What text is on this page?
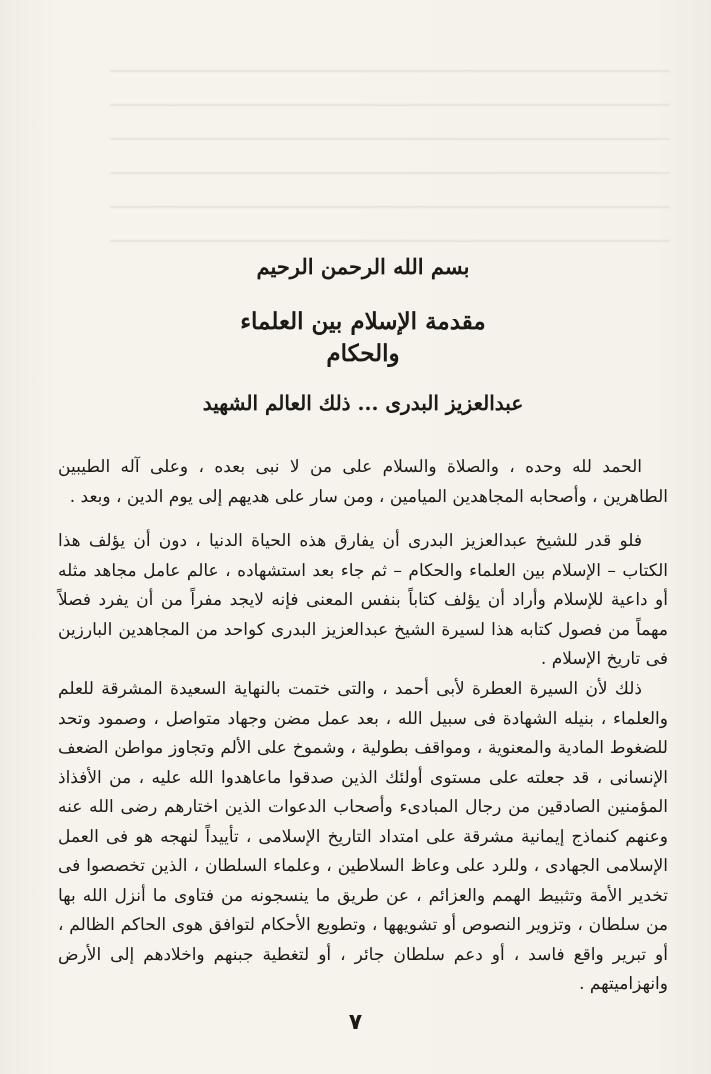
بسم الله الرحمن الرحيم
مقدمة الإسلام بين العلماء
والحكام
عبدالعزيز البدرى ... ذلك العالم الشهيد

الحمد لله وحده ، والصلاة والسلام على من لا نبى بعده ، وعلى آله الطيبين الطاهرين ، وأصحابه المجاهدين الميامين ، ومن سار على هديهم إلى يوم الدين ، وبعد .

فلو قدر للشيخ عبدالعزيز البدرى أن يفارق هذه الحياة الدنيا ، دون أن يؤلف هذا الكتاب – الإسلام بين العلماء والحكام – ثم جاء بعد استشهاده ، عالم عامل مجاهد مثله أو داعية للإسلام وأراد أن يؤلف كتاباً بنفس المعنى فإنه لايجد مفراً من أن يفرد فصلاً مهماً من فصول كتابه هذا لسيرة الشيخ عبدالعزيز البدرى كواحد من المجاهدين البارزين فى تاريخ الإسلام .

ذلك لأن السيرة العطرة لأبى أحمد ، والتى ختمت بالنهاية السعيدة المشرقة للعلم والعلماء ، بنيله الشهادة فى سبيل الله ، بعد عمل مضن وجهاد متواصل ، وصمود وتحد للضغوط المادية والمعنوية ، ومواقف بطولية ، وشموخ على الألم وتجاوز مواطن الضعف الإنسانى ، قد جعلته على مستوى أولئك الذين صدقوا ماعاهدوا الله عليه ، من الأفذاذ المؤمنين الصادقين من رجال المبادىء وأصحاب الدعوات الذين اختارهم رضى الله عنه وعنهم كنماذج إيمانية مشرقة على امتداد التاريخ الإسلامى ، تأييداً لنهجه هو فى العمل الإسلامى الجهادى ، وللرد على وعاظ السلاطين ، وعلماء السلطان ، الذين تخصصوا فى تخدير الأمة وتثبيط الهمم والعزائم ، عن طريق ما ينسجونه من فتاوى ما أنزل الله بها من سلطان ، وتزوير النصوص أو تشويهها ، وتطويع الأحكام لتوافق هوى الحاكم الظالم ، أو تبرير واقع فاسد ، أو دعم سلطان جائر ، أو لتغطية جبنهم واخلادهم إلى الأرض وانهزاميتهم .

٧
